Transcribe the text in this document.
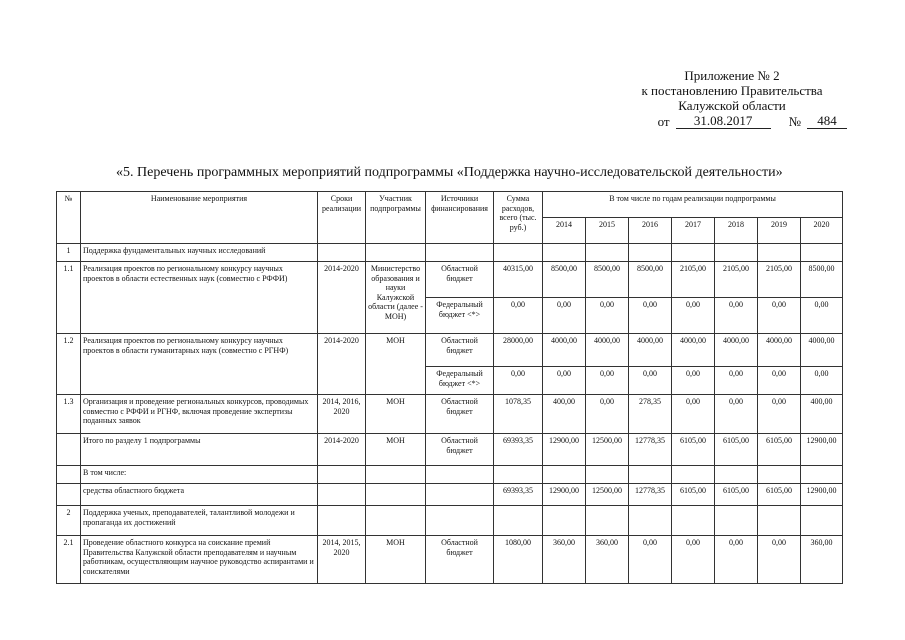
Приложение № 2
к постановлению Правительства
Калужской области
от	31.08.2017	№	484
«5. Перечень программных мероприятий подпрограммы «Поддержка научно-исследовательской деятельности»
№	Наименование мероприятия	Сроки реализации	Участник подпрограммы	Источники финансирования	Сумма расходов, всего (тыс. руб.)	В том числе по годам реализации подпрограммы						
						2014	2015	2016	2017	2018	2019	2020
1	Поддержка фундаментальных научных исследований											
1.1	Реализация проектов по региональному конкурсу научных проектов в области естественных наук (совместно с РФФИ)	2014-2020	Министерство образования и науки Калужской области (далее - МОН)	Областной бюджет	40315,00	8500,00	8500,00	8500,00	2105,00	2105,00	2105,00	8500,00
				Федеральный бюджет <*>	0,00	0,00	0,00	0,00	0,00	0,00	0,00	0,00
1.2	Реализация проектов по региональному конкурсу научных проектов в области гуманитарных наук (совместно с РГНФ)	2014-2020	МОН	Областной бюджет	28000,00	4000,00	4000,00	4000,00	4000,00	4000,00	4000,00	4000,00
				Федеральный бюджет <*>	0,00	0,00	0,00	0,00	0,00	0,00	0,00	0,00
1.3	Организация и проведение региональных конкурсов, проводимых совместно с РФФИ и РГНФ, включая проведение экспертизы поданных заявок	2014, 2016, 2020	МОН	Областной бюджет	1078,35	400,00	0,00	278,35	0,00	0,00	0,00	400,00
	Итого по разделу 1 подпрограммы	2014-2020	МОН	Областной бюджет	69393,35	12900,00	12500,00	12778,35	6105,00	6105,00	6105,00	12900,00
	В том числе:											
	средства областного бюджета				69393,35	12900,00	12500,00	12778,35	6105,00	6105,00	6105,00	12900,00
2	Поддержка ученых, преподавателей, талантливой молодежи и пропаганда их достижений											
2.1	Проведение областного конкурса на соискание премий Правительства Калужской области преподавателям и научным работникам, осуществляющим научное руководство аспирантами и соискателями	2014, 2015, 2020	МОН	Областной бюджет	1080,00	360,00	360,00	0,00	0,00	0,00	0,00	360,00
